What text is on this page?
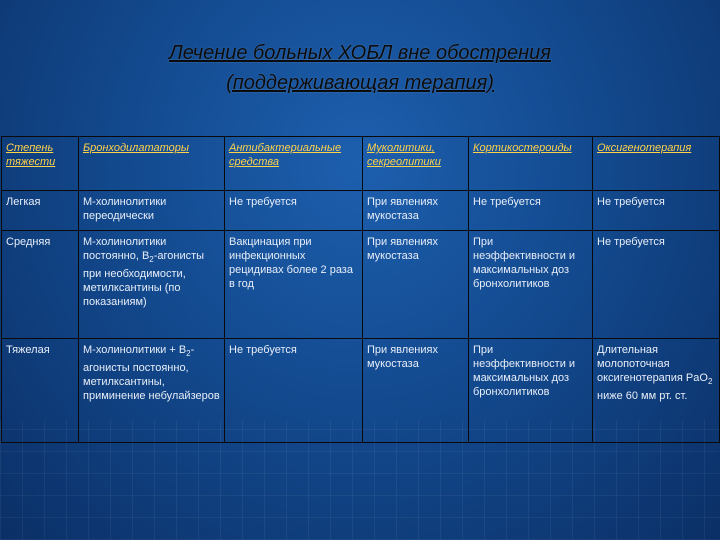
Лечение больных ХОБЛ вне обострения
(поддерживающая терапия)
Степень тяжести	Бронходилататоры	Антибактериальные средства	Муколитики, секреолитики	Кортикостероиды	Оксигенотерапия
Легкая	М-холинолитики переодически	Не требуется	При явлениях мукостаза	Не требуется	Не требуется
Средняя	М-холинолитики постоянно, $B_2$-агонисты при необходимости, метилксантины (по показаниям)	Вакцинация при инфекционных рецидивах более 2 раза в год	При явлениях мукостаза	При неэффективности и максимальных доз бронхолитиков	Не требуется
Тяжелая	М-холинолитики + $B_2$-агонисты постоянно, метилксантины, приминение небулайзеров	Не требуется	При явлениях мукостаза	При неэффективности и максимальных доз бронхолитиков	Длительная молопоточная оксигенотерапия PaO$_2$ ниже 60 мм рт. ст.
